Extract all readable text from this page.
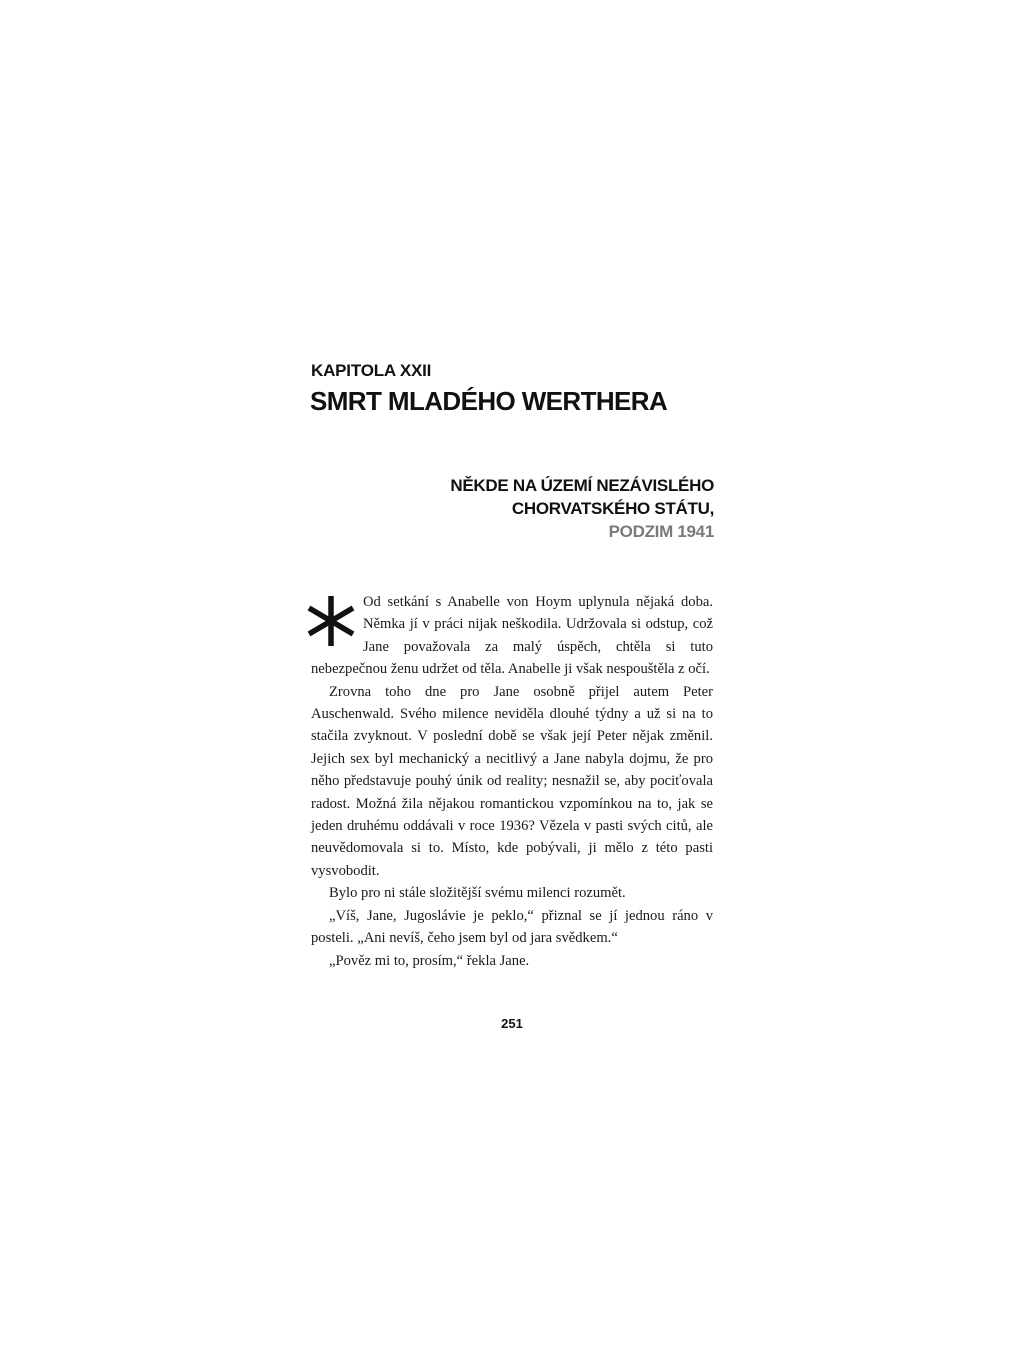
KAPITOLA XXII
SMRT MLADÉHO WERTHERA
NĚKDE NA ÚZEMÍ NEZÁVISLÉHO
CHORVATSKÉHO STÁTU,
PODZIM 1941

Od setkání s Anabelle von Hoym uplynula nějaká doba. Němka jí v práci nijak neškodila. Udržovala si odstup, což Jane považovala za malý úspěch, chtěla si tuto nebezpečnou ženu udržet od těla. Anabelle ji však nespouštěla z očí.

Zrovna toho dne pro Jane osobně přijel autem Peter Auschenwald. Svého milence neviděla dlouhé týdny a už si na to stačila zvyknout. V poslední době se však její Peter nějak změnil. Jejich sex byl mechanický a necitlivý a Jane nabyla dojmu, že pro něho představuje pouhý únik od reality; nesnažil se, aby pociťovala radost. Možná žila nějakou romantickou vzpomínkou na to, jak se jeden druhému oddávali v roce 1936? Vězela v pasti svých citů, ale neuvědomovala si to. Místo, kde pobývali, ji mělo z této pasti vysvobodit.

Bylo pro ni stále složitější svému milenci rozumět.

„Víš, Jane, Jugoslávie je peklo,“ přiznal se jí jednou ráno v posteli. „Ani nevíš, čeho jsem byl od jara svědkem.“

„Pověz mi to, prosím,“ řekla Jane.

251
